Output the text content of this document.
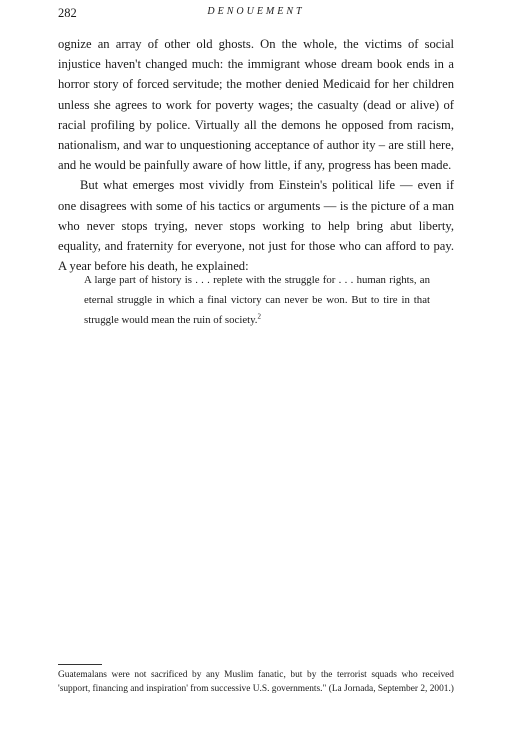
282	DENOUEMENT

ognize an array of other old ghosts. On the whole, the victims of social injustice haven't changed much: the immigrant whose dream book ends in a horror story of forced servitude; the mother denied Medicaid for her children unless she agrees to work for poverty wages; the casualty (dead or alive) of racial profiling by police. Virtually all the demons he opposed from racism, nationalism, and war to unquestioning acceptance of author ity – are still here, and he would be painfully aware of how little, if any, progress has been made.

But what emerges most vividly from Einstein's political life — even if one disagrees with some of his tactics or arguments — is the picture of a man who never stops trying, never stops working to help bring abut liberty, equality, and fraternity for everyone, not just for those who can afford to pay. A year before his death, he explained:

A large part of history is . . . replete with the struggle for . . . human rights, an eternal struggle in which a final victory can never be won. But to tire in that struggle would mean the ruin of society.$^2$
Guatemalans were not sacrificed by any Muslim fanatic, but by the terrorist squads who received 'support, financing and inspiration' from successive U.S. governments." (La Jornada, September 2, 2001.)
